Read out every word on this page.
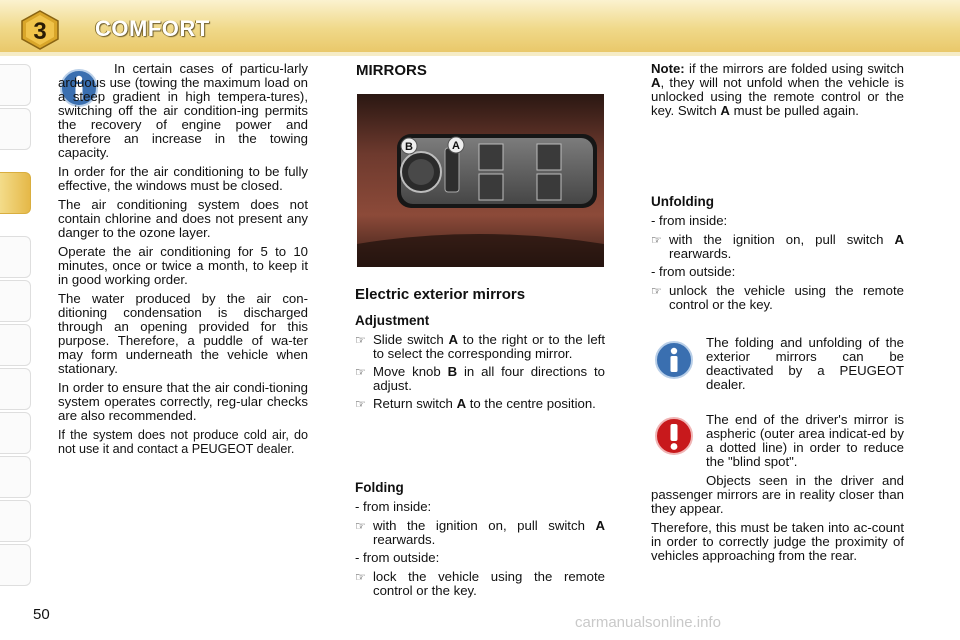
3 COMFORT

In certain cases of particu-larly arduous use (towing the maximum load on a steep gradient in high tempera-tures), switching off the air condition-ing permits the recovery of engine power and therefore an increase in the towing capacity.

In order for the air conditioning to be fully effective, the windows must be closed.

The air conditioning system does not contain chlorine and does not present any danger to the ozone layer.

Operate the air conditioning for 5 to 10 minutes, once or twice a month, to keep it in good working order.

The water produced by the air con-ditioning condensation is discharged through an opening provided for this purpose. Therefore, a puddle of wa-ter may form underneath the vehicle when stationary.

In order to ensure that the air condi-tioning system operates correctly, reg-ular checks are also recommended.

If the system does not produce cold air, do not use it and contact a PEUGEOT dealer.

MIRRORS
B	A
Electric exterior mirrors
Adjustment
☞ Slide switch A to the right or to the left to select the corresponding mirror.
☞ Move knob B in all four directions to adjust.
☞ Return switch A to the centre position.
Folding

- from inside:

☞ with the ignition on, pull switch A rearwards.

- from outside:

☞ lock the vehicle using the remote control or the key.

Note: if the mirrors are folded using switch A, they will not unfold when the vehicle is unlocked using the remote control or the key. Switch A must be pulled again.

Unfolding

- from inside:

☞ with the ignition on, pull switch A rearwards.

- from outside:

☞ unlock the vehicle using the remote control or the key.

The folding and unfolding of the exterior mirrors can be deactivated by a PEUGEOT dealer.

The end of the driver's mirror is aspheric (outer area indicat-ed by a dotted line) in order to reduce the "blind spot".

Objects seen in the driver and passenger mirrors are in reality closer than they appear.

Therefore, this must be taken into ac-count in order to correctly judge the proximity of vehicles approaching from the rear.

50	carmanualsonline.info
